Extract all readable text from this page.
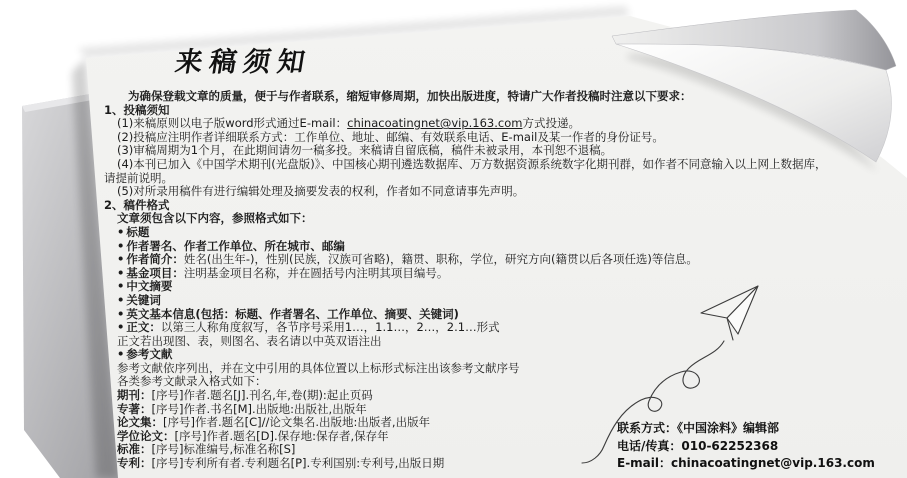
来稿须知
为确保登载文章的质量，便于与作者联系，缩短审修周期，加快出版进度，特请广大作者投稿时注意以下要求：
1、投稿须知
(1)来稿原则以电子版word形式通过E-mail：chinacoatingnet@vip.163.com方式投递。
(2)投稿应注明作者详细联系方式：工作单位、地址、邮编、有效联系电话、E-mail及某一作者的身份证号。
(3)审稿周期为1个月，在此期间请勿一稿多投。来稿请自留底稿，稿件未被录用，本刊恕不退稿。
(4)本刊已加入《中国学术期刊(光盘版)》、中国核心期刊遴选数据库、万方数据资源系统数字化期刊群，如作者不同意输入以上网上数据库，
请提前说明。
(5)对所录用稿件有进行编辑处理及摘要发表的权利，作者如不同意请事先声明。
2、稿件格式
文章须包含以下内容，参照格式如下：
• 标题
• 作者署名、作者工作单位、所在城市、邮编
• 作者简介：姓名(出生年-)，性别(民族，汉族可省略)，籍贯、职称，学位，研究方向(籍贯以后各项任选)等信息。
• 基金项目：注明基金项目名称，并在圆括号内注明其项目编号。
• 中文摘要
• 关键词
• 英文基本信息(包括：标题、作者署名、工作单位、摘要、关键词)
• 正文：以第三人称角度叙写，各节序号采用1…，1.1…，2…，2.1…形式
正文若出现图、表，则图名、表名请以中英双语注出
• 参考文献
参考文献依序列出，并在文中引用的具体位置以上标形式标注出该参考文献序号
各类参考文献录入格式如下：
期刊：[序号]作者.题名[J].刊名,年,卷(期):起止页码
专著：[序号]作者.书名[M].出版地:出版社,出版年
论文集：[序号]作者.题名[C]//论文集名.出版地:出版者,出版年
学位论文：[序号]作者.题名[D].保存地:保存者,保存年
标准：[序号]标准编号,标准名称[S]
专利：[序号]专利所有者.专利题名[P].专利国别:专利号,出版日期
联系方式：《中国涂料》编辑部
电话/传真：010-62252368
E-mail：chinacoatingnet@vip.163.com
